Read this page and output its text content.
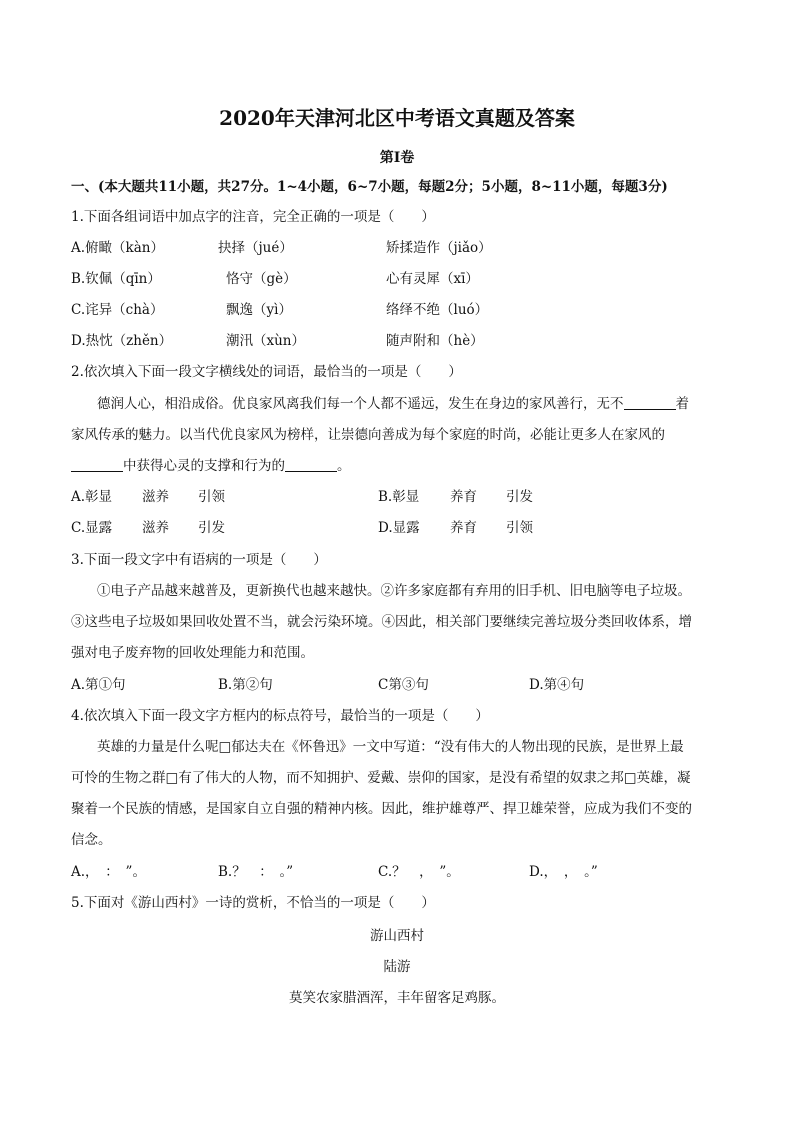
2020年天津河北区中考语文真题及答案
第Ⅰ卷
一、(本大题共11小题，共27分。1~4小题，6~7小题，每题2分；5小题，8~11小题，每题3分)
1.下面各组词语中加点字的注音，完全正确的一项是（　　）
A.俯瞰（kàn）	抉择（jué）	矫揉造作（jiǎo）
B.钦佩（qīn）	恪守（gè）	心有灵犀（xī）
C.诧异（chà）	飘逸（yì）	络绎不绝（luó）
D.热忱（zhěn）	潮汛（xùn）	随声附和（hè）
2.依次填入下面一段文字横线处的词语，最恰当的一项是（　　）
德润人心，相沿成俗。优良家风离我们每一个人都不遥远，发生在身边的家风善行，无不	着
家风传承的魅力。以当代优良家风为榜样，让崇德向善成为每个家庭的时尚，必能让更多人在家风的
中获得心灵的支撑和行为的	。
A.彰显 滋养 引领	B.彰显 养育 引发
C.显露 滋养 引发	D.显露 养育 引领
3.下面一段文字中有语病的一项是（　　）
①电子产品越来越普及，更新换代也越来越快。②许多家庭都有弃用的旧手机、旧电脑等电子垃圾。
③这些电子垃圾如果回收处置不当，就会污染环境。④因此，相关部门要继续完善垃圾分类回收体系，增
强对电子废弃物的回收处理能力和范围。
A.第①句	B.第②句	C第③句	D.第④句
4.依次填入下面一段文字方框内的标点符号，最恰当的一项是（　　）
英雄的力量是什么呢□郁达夫在《怀鲁迅》一文中写道：“没有伟大的人物出现的民族，是世界上最
可怜的生物之群□有了伟大的人物，而不知拥护、爱戴、崇仰的国家，是没有希望的奴隶之邦□英雄，凝
聚着一个民族的情感，是国家自立自强的精神内核。因此，维护雄尊严、捍卫雄荣誉，应成为我们不变的
信念。
A.，　：　”。	B.？　：　。”	C.？　，　”。	D.，　，　。”
5.下面对《游山西村》一诗的赏析，不恰当的一项是（　　）
游山西村
陆游
莫笑农家腊酒浑，丰年留客足鸡豚。
